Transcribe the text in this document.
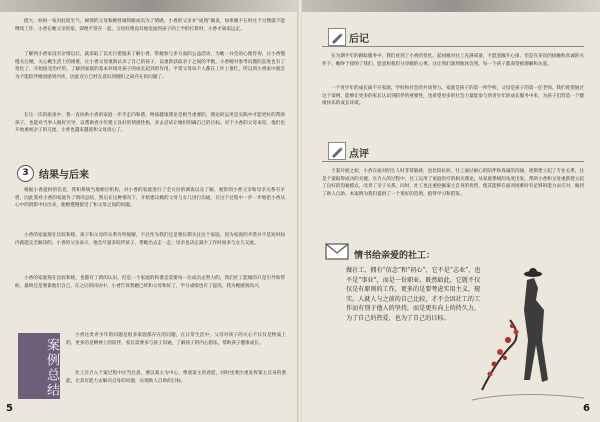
挺大，妈妈一家对此很生气，闹情的父母和她曾闹得跟成员为了情感，小香的父亲并“成熟”做说，如果她不在时这个习惯就不能继续工作，小香在她父亲的家，即便平常在一起，父母好像没有地觉面到孩子的上学的打算时，小香才离家远走。

了解到小香家没有亲情以后，就采取了以先行措施来了解小香，带她参与多方面的公益活动，为她一并会的心理咨询，让小香慢慢关注她，关心她生活上的困难，让小香父母重新认识了自己的孩子，以重新获取亲子之间的平衡。小香她对参考问题的态度也有了变化了，开始接受治疗的，了解到家庭的基本环境对孩子的成长起到的作用，平常父母每个人都在工作上很忙，所以到小香家中就会为不能陪伴她而感到内疚，因此双方已经在意识到她们之间存在的问题了。

在这一次的座谈中，我一直协助小香的家庭一步步走向和谐。物质健康理论是相当重要的，理论的运用是实践中才能更好的帮助孩子。也能对当事人做好引导，以帮助青少年建立良好的情感性格，多去尝试让她们明确自己的目标。对于小香的父母来说，他们也开始重视亲子的交流，小香也越来越爱和父母谈心了。

3	结果与后来

根据小香提供的信息，我和系统当地相应机构，对小香的家庭进行了全方位的调查以及了解，观察到小香父亲和母亲关系有矛盾，因此我对小香的家庭作了情况总结，然后在这种情况下，开始建议她的父母与女儿进行沟通，在这个过程中一步一步地把小香从心中的阴影中拉出来，使她慢慢接受了和父母之间的问题。

小香的家庭现在比较和睦，孩子和父母的关系有所缓解，不过作为我们还是要长期关注这个家庭，因为家庭的矛盾并不是短时间内就能完全解决的。小香的父亲表示，他会尽量多陪伴孩子，带她出去走一走；母亲也决定减少工作时间多与女儿交流。

小香的家庭现在比较和睦，也都有了新的认识，但是一个家庭的和谐是需要每一位成员去努力的，我们社工能做的只是引导和帮助，最终还是要靠他们自己。在之后的回访中，小香告诉我她已经和父母和好了，学习成绩也有了提高，我为她感到高兴。

案例总结

小香这类青少年的问题是很多家庭都存在的问题，在日常生活中，父母对孩子的关心不仅仅是物质上的，更多的是精神上的陪伴，家长需要多与孩子沟通，了解孩子的内心想法，帮助孩子健康成长。

社工在介入个案过程中应当注意，要以案主为中心，尊重案主的意愿，同时也要注重发挥案主自身的潜能，让其有能力去解决自身的问题，实现助人自助的目标。

5
后记

在为期半年的跟踪服务中，我们看到了小香的变化。起初她对社工充满戒备，不愿意敞开心扉，但是在多次的接触和真诚的关怀下，她终于接纳了我们，愿意和我们分享她的心事。这让我们深刻地体会到，每一个孩子都渴望被理解和关爱。

一个青少年的成长离不开家庭、学校和社会的共同努力。家庭是孩子的第一所学校，父母是孩子的第一任老师。我们希望通过这个案例，能够让更多的家长认识到陪伴的重要性，也希望更多的社会力量能参与到青少年的成长服务中来，为孩子们营造一个健康快乐的成长环境。

点评

个案开展之初，小香在面对陌生人时非常敏感，也比较抗拒。社工通过耐心的陪伴和真诚的沟通，逐渐建立起了专业关系，这是个案取得成功的关键。在介入的过程中，社工运用了家庭治疗的相关理论，从家庭系统的角度出发，帮助小香和父母重新建立起了良好的沟通模式，改善了亲子关系。同时，社工也注重挖掘案主自身的优势，使其能够在面对困难时有足够的能力去应对，做到了助人自助。本案例为我们提供了一个很好的范例，值得学习和借鉴。

情书给亲爱的社工：

做社工，拥有“信念”和“初心”，它不是“志业”，也不是“事业”，而是一份职业。既然如此，它就不仅仅是有原则的工作，更多的是要考虑实用主义、现实。人就人与之前的自己比较，才不会因社工的工作而有别于他人的坚持，而是更有向上的持久力，为了自己的热爱，也为了自己的目标。

6
